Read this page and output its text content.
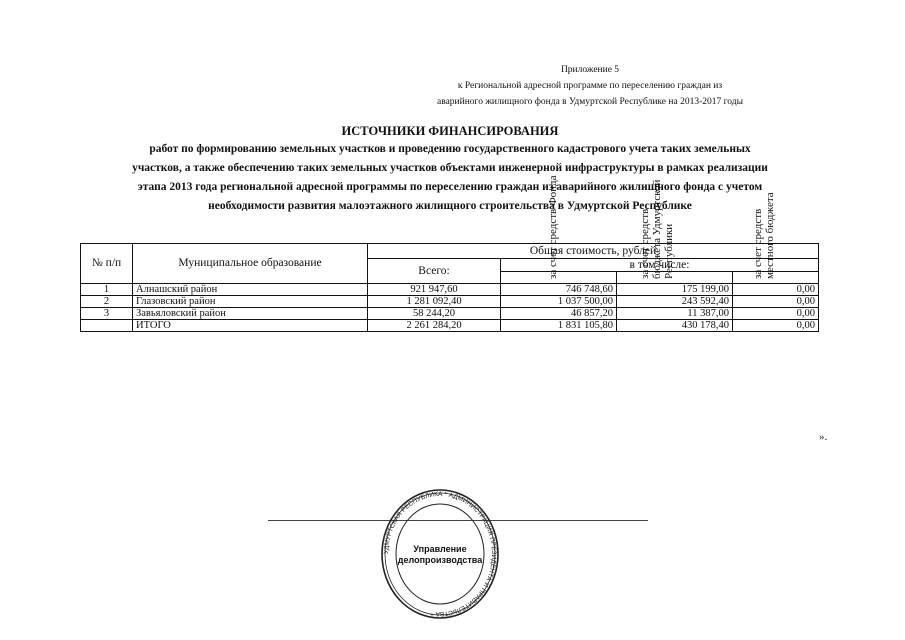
Приложение 5
к Региональной адресной программе по переселению граждан из
аварийного жилищного фонда в Удмуртской Республике на 2013-2017 годы
ИСТОЧНИКИ ФИНАНСИРОВАНИЯ
работ по формированию земельных участков и проведению государственного кадастрового учета таких земельных
участков, а также обеспечению таких земельных участков объектами инженерной инфраструктуры в рамках реализации
этапа 2013 года региональной адресной программы по переселению граждан из аварийного жилищного фонда с учетом
необходимости развития малоэтажного жилищного строительства в Удмуртской Республике
№ п/п	Муниципальное образование	Общая стоимость, рублей			
		Всего:	в том числе:		

			за счет средств Фонда	за счет средств бюджета Удмуртской Республики	за счет средств местного бюджета

1	Алнашский район	921 947,60	746 748,60	175 199,00	0,00
2	Глазовский район	1 281 092,40	1 037 500,00	243 592,40	0,00
3	Завьяловский район	58 244,20	46 857,20	11 387,00	0,00
	ИТОГО	2 261 284,20	1 831 105,80	430 178,40	0,00
».
УДМУРТСКАЯ РЕСПУБЛИКА * АДМИНИСТРАЦИЯ ПРЕЗИДЕНТА И ПРАВИТЕЛЬСТВА *
Управление
делопроизводства
